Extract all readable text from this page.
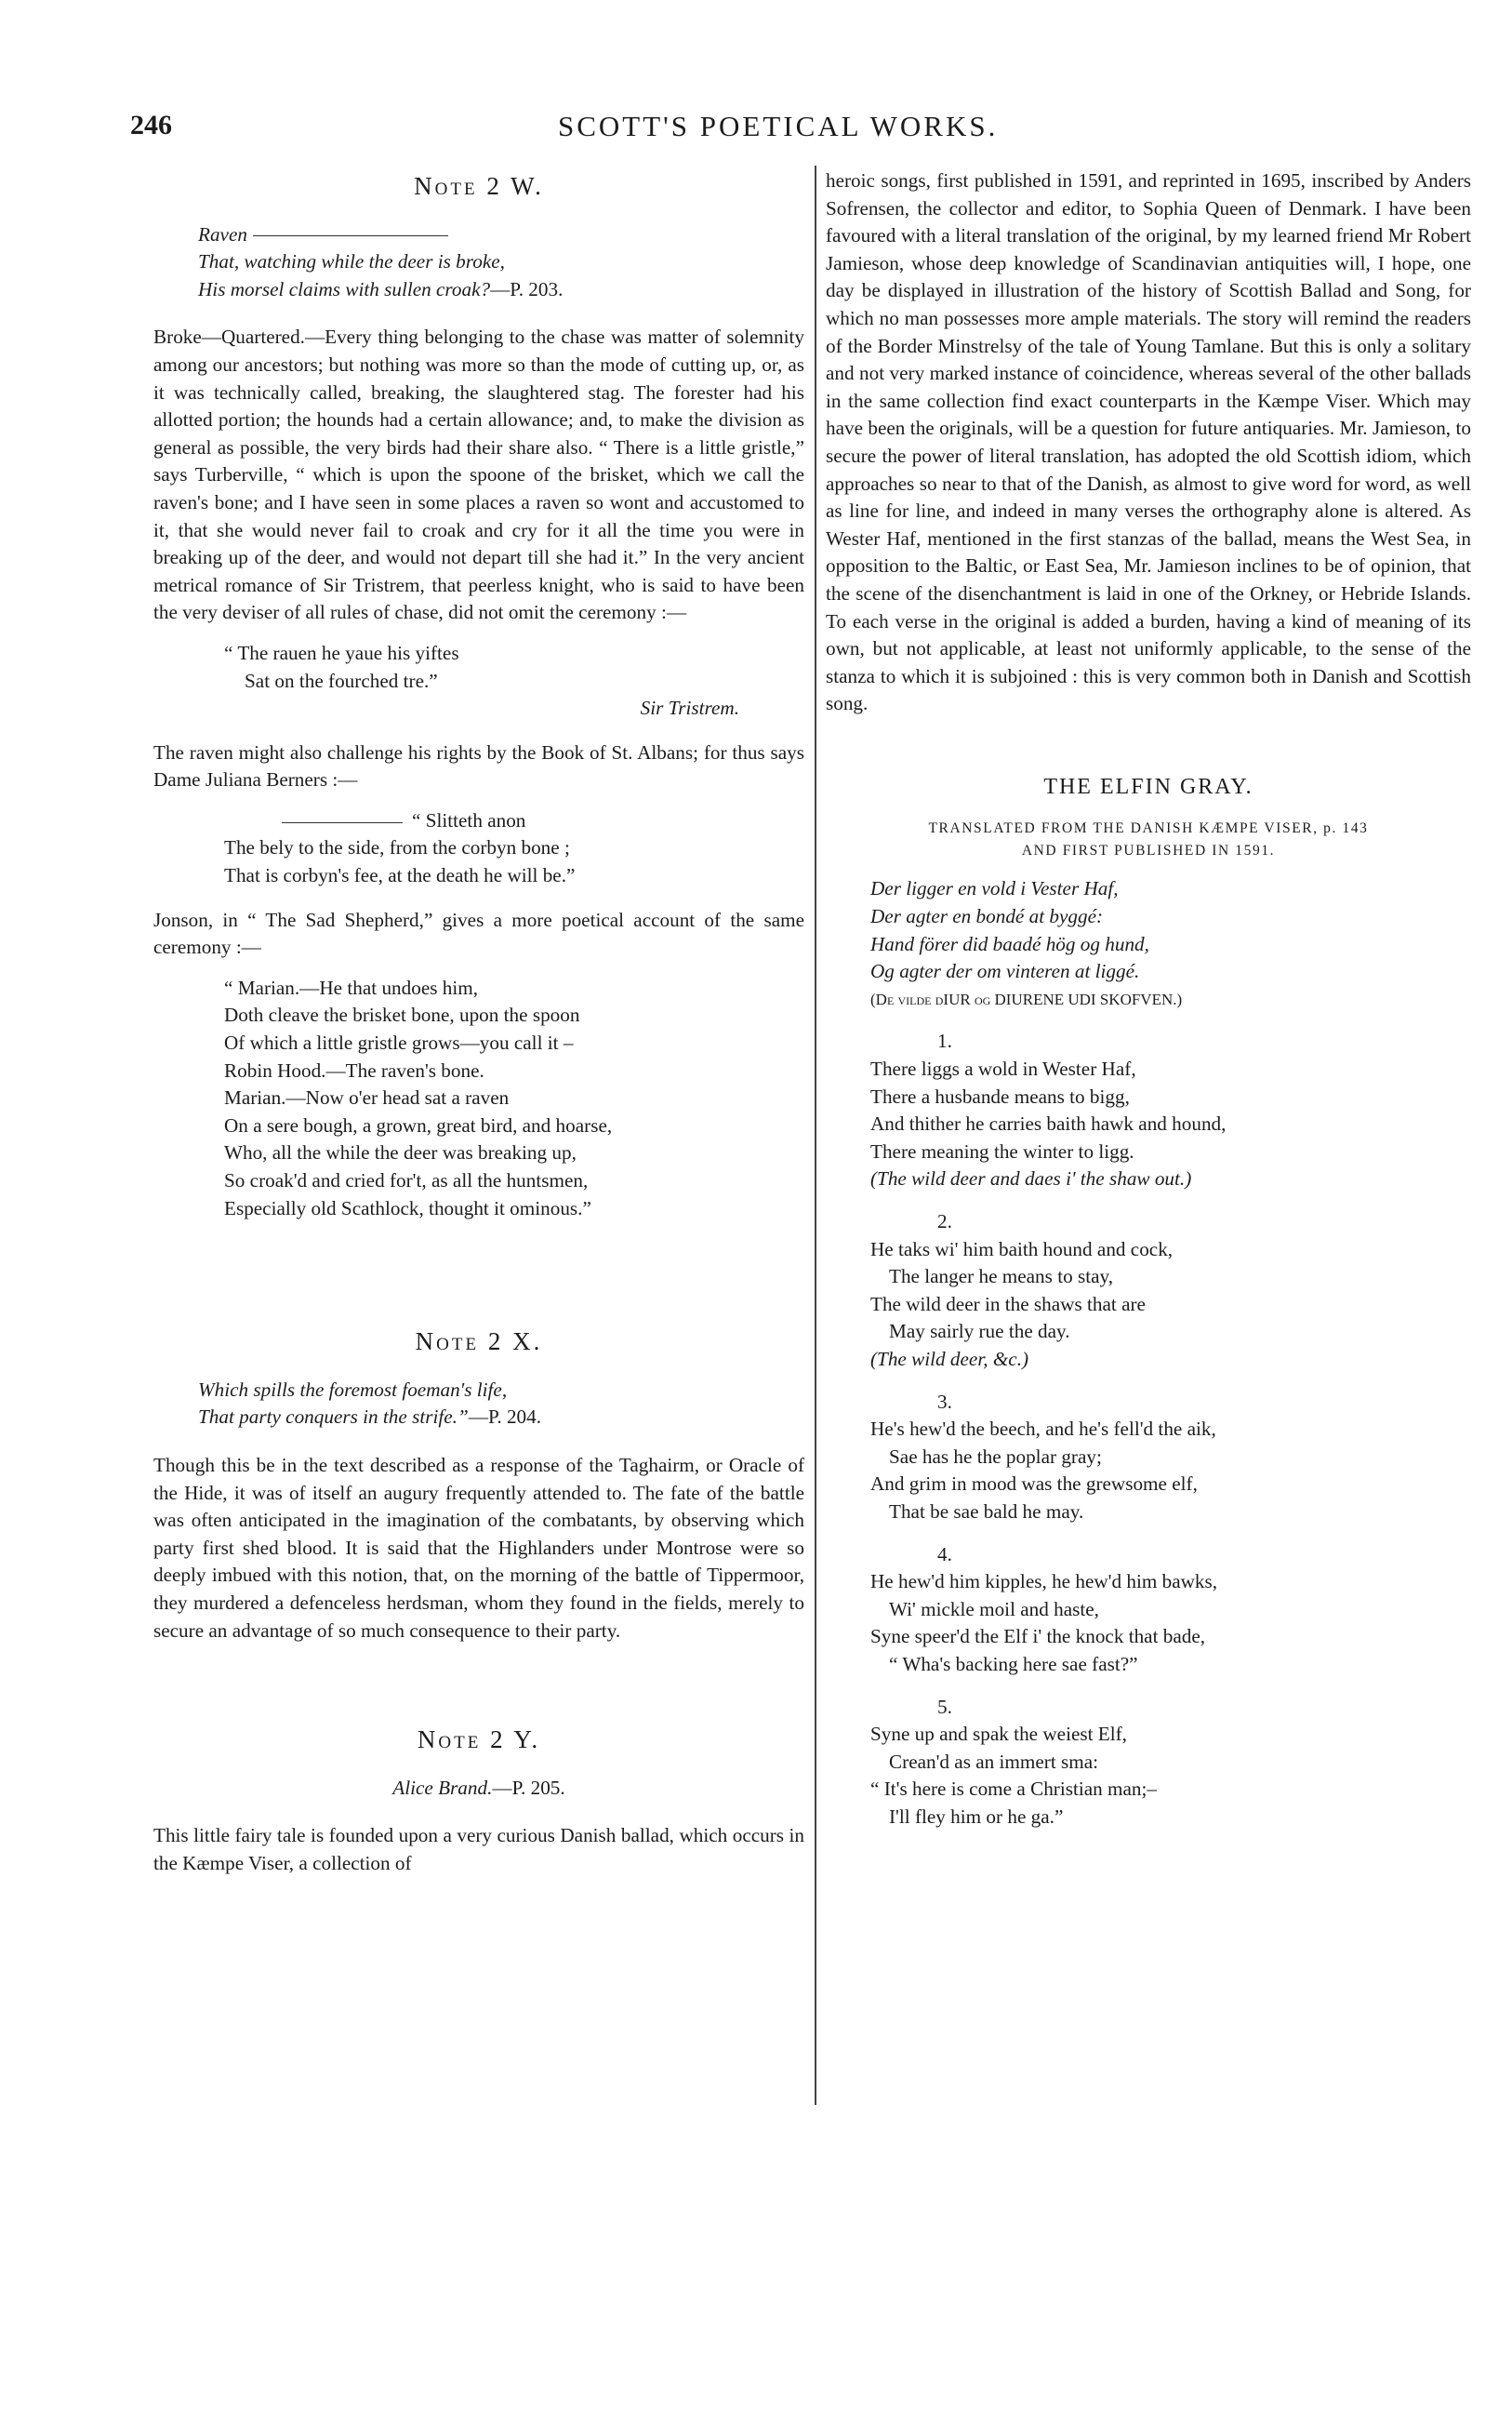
246	SCOTT'S POETICAL WORKS.
Note 2 W.
Raven
That, watching while the deer is broke,
His morsel claims with sullen croak?—P. 203.

Broke—Quartered.—Every thing belonging to the chase was matter of solemnity among our ancestors; but nothing was more so than the mode of cutting up, or, as it was technically called, breaking, the slaughtered stag. The forester had his allotted portion; the hounds had a certain allowance; and, to make the division as general as possible, the very birds had their share also. “ There is a little gristle,” says Turberville, “ which is upon the spoone of the brisket, which we call the raven's bone; and I have seen in some places a raven so wont and accustomed to it, that she would never fail to croak and cry for it all the time you were in breaking up of the deer, and would not depart till she had it.” In the very ancient metrical romance of Sir Tristrem, that peerless knight, who is said to have been the very deviser of all rules of chase, did not omit the ceremony :—

“ The rauen he yaue his yiftes
Sat on the fourched tre.”
Sir Tristrem.

The raven might also challenge his rights by the Book of St. Albans; for thus says Dame Juliana Berners :—

“ Slitteth anon
The bely to the side, from the corbyn bone ;
That is corbyn's fee, at the death he will be.”

Jonson, in “ The Sad Shepherd,” gives a more poetical account of the same ceremony :—

“ Marian.—He that undoes him,
Doth cleave the brisket bone, upon the spoon
Of which a little gristle grows—you call it –
Robin Hood.—The raven's bone.
Marian.—Now o'er head sat a raven
On a sere bough, a grown, great bird, and hoarse,
Who, all the while the deer was breaking up,
So croak'd and cried for't, as all the huntsmen,
Especially old Scathlock, thought it ominous.”
Note 2 X.
Which spills the foremost foeman's life,
That party conquers in the strife.”—P. 204.

Though this be in the text described as a response of the Taghairm, or Oracle of the Hide, it was of itself an augury frequently attended to. The fate of the battle was often anticipated in the imagination of the combatants, by observing which party first shed blood. It is said that the Highlanders under Montrose were so deeply imbued with this notion, that, on the morning of the battle of Tippermoor, they murdered a defenceless herdsman, whom they found in the fields, merely to secure an advantage of so much consequence to their party.

Note 2 Y.
Alice Brand.—P. 205.

This little fairy tale is founded upon a very curious Danish ballad, which occurs in the Kæmpe Viser, a collection of

heroic songs, first published in 1591, and reprinted in 1695, inscribed by Anders Sofrensen, the collector and editor, to Sophia Queen of Denmark. I have been favoured with a literal translation of the original, by my learned friend Mr Robert Jamieson, whose deep knowledge of Scandinavian antiquities will, I hope, one day be displayed in illustration of the history of Scottish Ballad and Song, for which no man possesses more ample materials. The story will remind the readers of the Border Minstrelsy of the tale of Young Tamlane. But this is only a solitary and not very marked instance of coincidence, whereas several of the other ballads in the same collection find exact counterparts in the Kæmpe Viser. Which may have been the originals, will be a question for future antiquaries. Mr. Jamieson, to secure the power of literal translation, has adopted the old Scottish idiom, which approaches so near to that of the Danish, as almost to give word for word, as well as line for line, and indeed in many verses the orthography alone is altered. As Wester Haf, mentioned in the first stanzas of the ballad, means the West Sea, in opposition to the Baltic, or East Sea, Mr. Jamieson inclines to be of opinion, that the scene of the disenchantment is laid in one of the Orkney, or Hebride Islands. To each verse in the original is added a burden, having a kind of meaning of its own, but not applicable, at least not uniformly applicable, to the sense of the stanza to which it is subjoined : this is very common both in Danish and Scottish song.

THE ELFIN GRAY.
TRANSLATED FROM THE DANISH KÆMPE VISER, p. 143
AND FIRST PUBLISHED IN 1591.
Der ligger en vold i Vester Haf,
Der agter en bondé at byggé:
Hand förer did baadé hög og hund,
Og agter der om vinteren at liggé.
(De vilde dIUR og DIURENE UDI SKOFVEN.)
1.
There liggs a wold in Wester Haf,
There a husbande means to bigg,
And thither he carries baith hawk and hound,
There meaning the winter to ligg.
(The wild deer and daes i' the shaw out.)
2.
He taks wi' him baith hound and cock,
The langer he means to stay,
The wild deer in the shaws that are
May sairly rue the day.
(The wild deer, &c.)
3.
He's hew'd the beech, and he's fell'd the aik,
Sae has he the poplar gray;
And grim in mood was the grewsome elf,
That be sae bald he may.
4.
He hew'd him kipples, he hew'd him bawks,
Wi' mickle moil and haste,
Syne speer'd the Elf i' the knock that bade,
“ Wha's backing here sae fast?”
5.
Syne up and spak the weiest Elf,
Crean'd as an immert sma:
“ It's here is come a Christian man;–
I'll fley him or he ga.”
